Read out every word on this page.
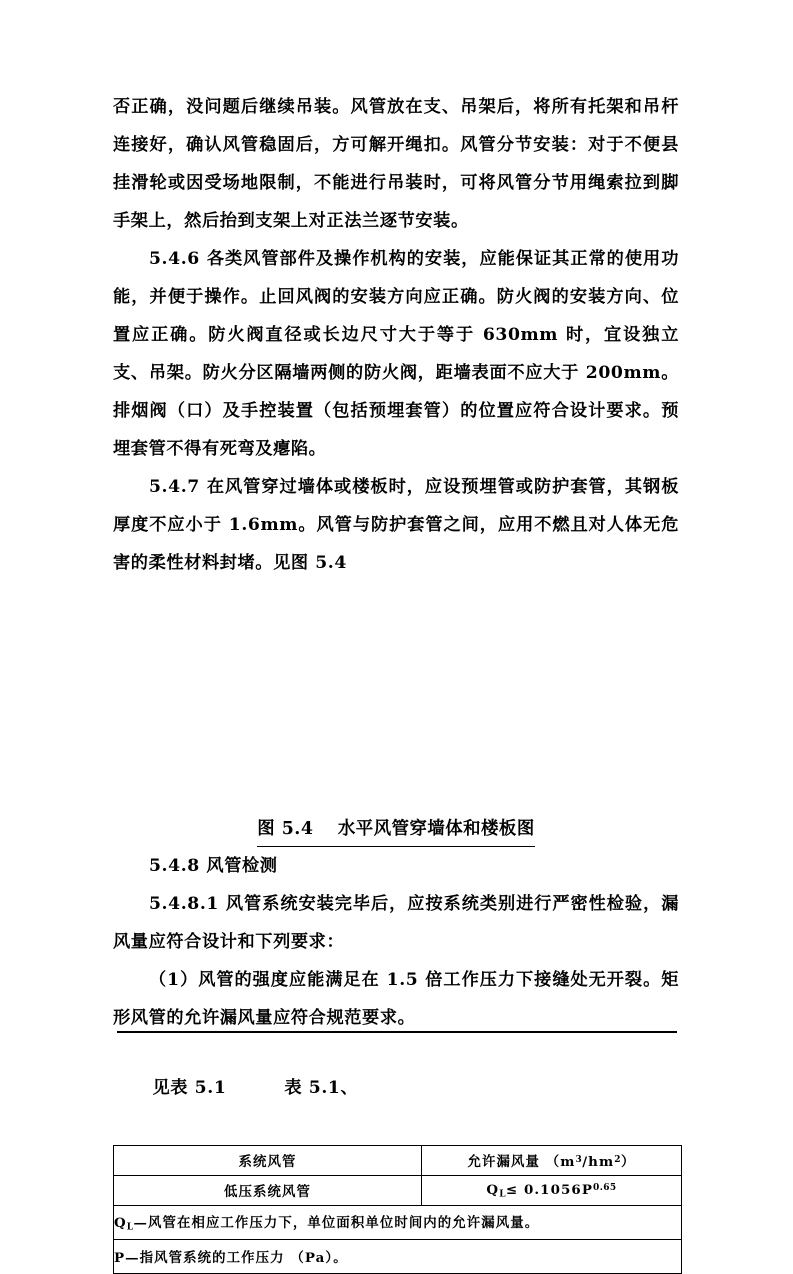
否正确，没问题后继续吊装。风管放在支、吊架后，将所有托架和吊杆连接好，确认风管稳固后，方可解开绳扣。风管分节安装：对于不便县挂滑轮或因受场地限制，不能进行吊装时，可将风管分节用绳索拉到脚手架上，然后抬到支架上对正法兰逐节安装。

5.4.6 各类风管部件及操作机构的安装，应能保证其正常的使用功能，并便于操作。止回风阀的安装方向应正确。防火阀的安装方向、位置应正确。防火阀直径或长边尺寸大于等于 630mm 时，宜设独立支、吊架。防火分区隔墙两侧的防火阀，距墙表面不应大于 200mm。排烟阀（口）及手控装置（包括预埋套管）的位置应符合设计要求。预埋套管不得有死弯及瘪陷。

5.4.7 在风管穿过墙体或楼板时，应设预埋管或防护套管，其钢板厚度不应小于 1.6mm。风管与防护套管之间，应用不燃且对人体无危害的柔性材料封堵。见图 5.4

图 5.4　 水平风管穿墙体和楼板图

5.4.8 风管检测

5.4.8.1 风管系统安装完毕后，应按系统类别进行严密性检验，漏风量应符合设计和下列要求：

（1）风管的强度应能满足在 1.5 倍工作压力下接缝处无开裂。矩形风管的允许漏风量应符合规范要求。

见表 5.1	表 5.1、

系统风管	允许漏风量 $(m^3/hm^2)$
低压系统风管	$Q_L\le 0.1056P^{0.65}$
$Q_L—$风管在相应工作压力下，单位面积单位时间内的允许漏风量。	
P—指风管系统的工作压力 （Pa）。	
